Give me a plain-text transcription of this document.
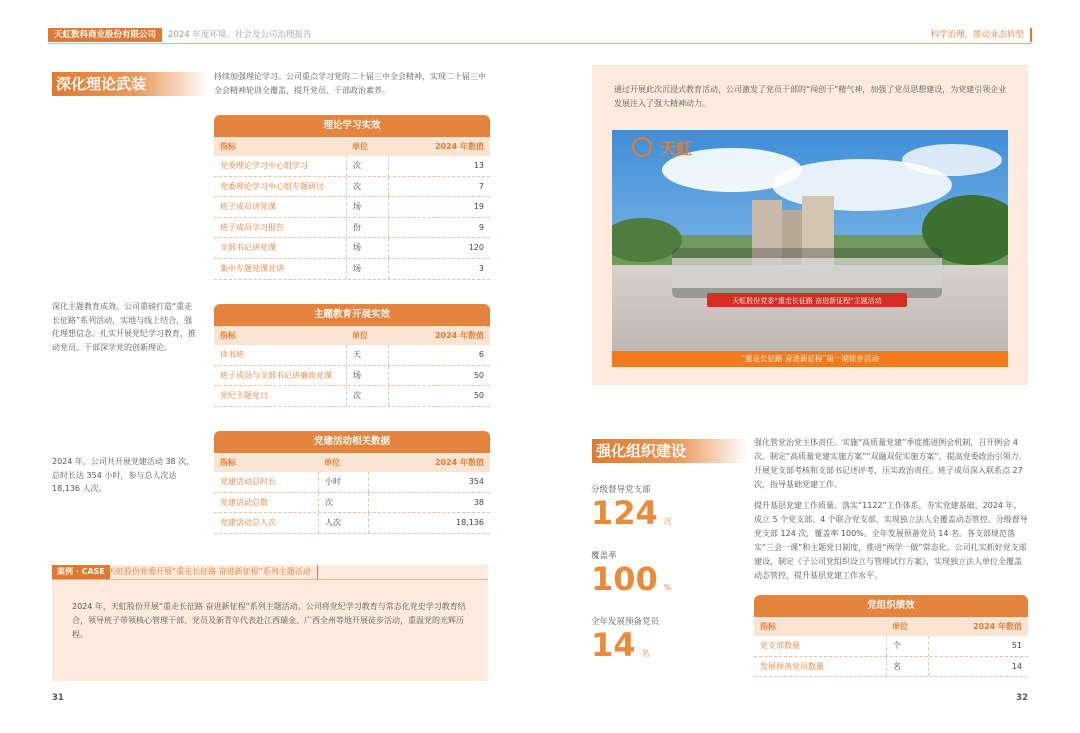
天虹数科商业股份有限公司	2024 年度环境、社会及公司治理报告	科学治理，推动业态转型
深化理论武装	持续加强理论学习。公司重点学习党的二十届三中全会精神，实现二十届三中全会精神轮训全覆盖，提升党员、干部政治素养。
深化主题教育成效。公司重磅打造“重走长征路”系列活动，实地与线上结合，强化理想信念。扎实开展党纪学习教育，推动党员、干部深学党的创新理论。
2024 年，公司共开展党建活动 38 次，总时长达 354 小时，参与总人次达 18,136 人次。
理论学习实效
指标	单位	2024 年数值
党委理论学习中心组学习	次	13
党委理论学习中心组专题研讨	次	7
班子成员讲党课	场	19
班子成员学习报告	份	9
支部书记讲党课	场	120
集中专题党课宣讲	场	3
主题教育开展实效
指标	单位	2024 年数值
读书班	天	6
班子成员与支部书记讲廉政党课	场	50
党纪主题党日	次	50
党建活动相关数据
指标	单位	2024 年数值
党建活动总时长	小时	354
党建活动总数	次	38
党建活动总人次	人次	18,136
案例 · CASE 天虹股份党委开展“重走长征路 奋进新征程”系列主题活动
2024 年，天虹股份开展“重走长征路 奋进新征程”系列主题活动。公司将党纪学习教育与常态化党史学习教育结合，领导班子带领核心管理干部、党员及新青年代表赴江西瑞金、广西全州等地开展徒步活动，重温党的光辉历程。
31
通过开展此次沉浸式教育活动，公司激发了党员干部的“闯创干”精气神，加强了党员思想建设，为党建引领企业发展注入了强大精神动力。
天虹股份党委“重走长征路 奋进新征程”主题活动
天虹
“重走长征路 奋进新征程”第一期徒步活动
强化组织建设	强化管党治党主体责任。实施“高质量党建”季度推进例会机制，召开例会 4 次。制定“高质量党建实施方案”“双融双促实施方案”，提高党委政治引领力。开展党支部考核和支部书记述评考，压实政治责任。班子成员深入联系点 27 次，指导基础党建工作。
提升基层党建工作质量。落实“1122”工作体系，夯实党建基础。2024 年，成立 5 个党支部、4 个联合党支部，实现独立法人全覆盖动态管控。分级督导党支部 124 次，覆盖率 100%。全年发展预备党员 14 名。各支部规范落实“三会一课”和主题党日制度，推进“两学一做”常态化。公司扎实抓好党支部建设，制定《子公司党组织设立与管理试行方案》，实现独立法人单位全覆盖动态管控，提升基层党建工作水平。
分级督导党支部
124 次
覆盖率
100 %
全年发展预备党员
14 名
党组织绩效
指标	单位	2024 年数值
党支部数量	个	51
发展预备党员数量	名	14
32
